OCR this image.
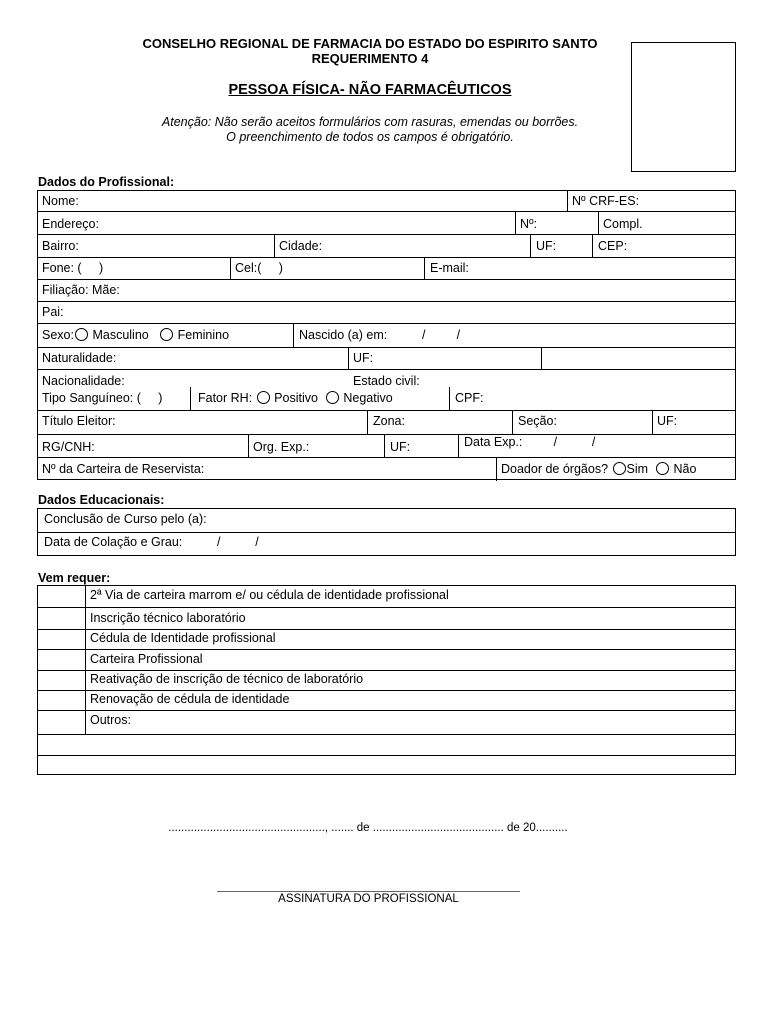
CONSELHO REGIONAL DE FARMACIA DO ESTADO DO ESPIRITO SANTO
REQUERIMENTO 4
PESSOA FÍSICA- NÃO FARMACÊUTICOS
Atenção: Não serão aceitos formulários com rasuras, emendas ou borrões.
O preenchimento de todos os campos é obrigatório.
Dados do Profissional:
Nome:	Nº CRF-ES:
Endereço:	Nº:	Compl.
Bairro:	Cidade:	UF:	CEP:
Fone: (     )	Cel:(     )	E-mail:
Filiação: Mãe:
Pai:
Sexo: Masculino Feminino	Nascido (a) em:          /         /
Naturalidade:	UF:
Nacionalidade:	Estado civil:
Tipo Sanguíneo: (     )	Fator RH: Positivo Negativo	CPF:
Título Eleitor:	Zona:	Seção:	UF:
RG/CNH:	Org. Exp.:	UF:	Data Exp.:         /          /
Nº da Carteira de Reservista:	Doador de órgãos? Sim Não
Dados Educacionais:
Conclusão de Curso pelo (a):
Data de Colação e Grau:          /          /
Vem requer:
2ª Via de carteira marrom e/ ou cédula de identidade profissional
Inscrição técnico laboratório
Cédula de Identidade profissional
Carteira Profissional
Reativação de inscrição de técnico de laboratório
Renovação de cédula de identidade
Outros:
................................................., ....... de ......................................... de 20..........
ASSINATURA DO PROFISSIONAL
